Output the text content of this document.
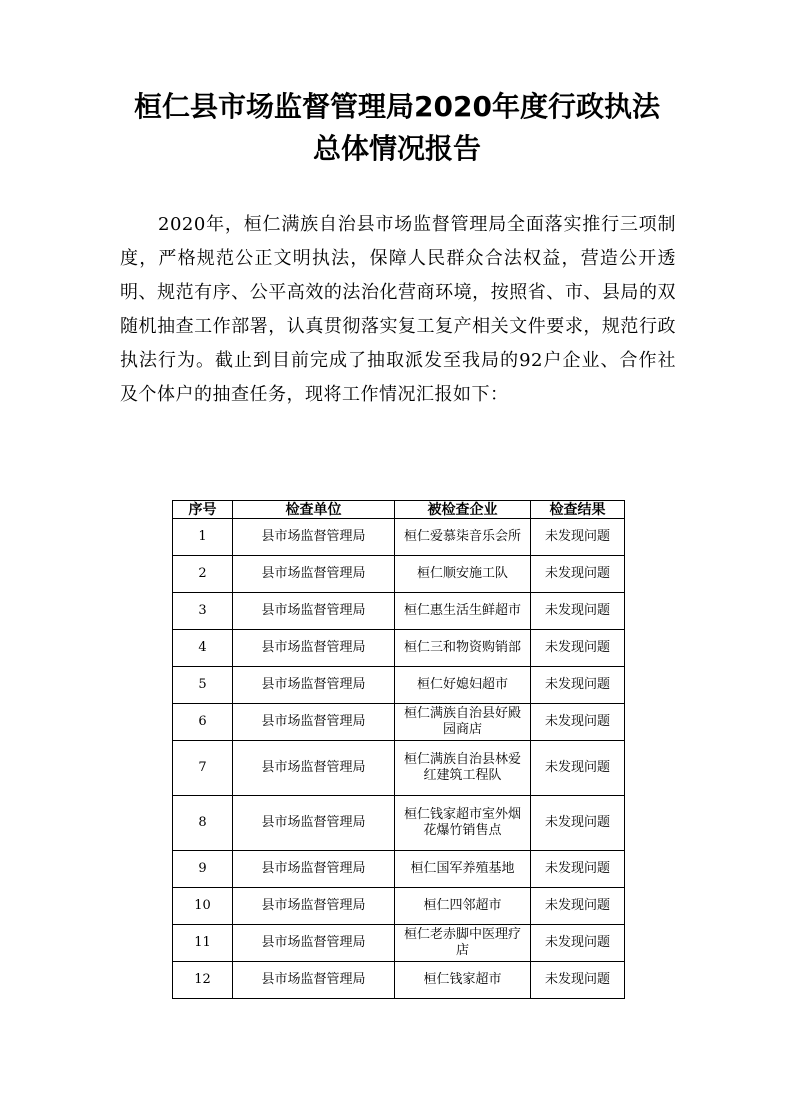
桓仁县市场监督管理局2020年度行政执法
总体情况报告

2020年，桓仁满族自治县市场监督管理局全面落实推行三项制度，严格规范公正文明执法，保障人民群众合法权益，营造公开透明、规范有序、公平高效的法治化营商环境，按照省、市、县局的双随机抽查工作部署，认真贯彻落实复工复产相关文件要求，规范行政执法行为。截止到目前完成了抽取派发至我局的92户企业、合作社及个体户的抽查任务，现将工作情况汇报如下：

序号	检查单位	被检查企业	检查结果
1	县市场监督管理局	桓仁爱慕柒音乐会所	未发现问题
2	县市场监督管理局	桓仁顺安施工队	未发现问题
3	县市场监督管理局	桓仁惠生活生鲜超市	未发现问题
4	县市场监督管理局	桓仁三和物资购销部	未发现问题
5	县市场监督管理局	桓仁好媳妇超市	未发现问题
6	县市场监督管理局	桓仁满族自治县好殿园商店	未发现问题
7	县市场监督管理局	桓仁满族自治县林爱红建筑工程队	未发现问题
8	县市场监督管理局	桓仁钱家超市室外烟花爆竹销售点	未发现问题
9	县市场监督管理局	桓仁国军养殖基地	未发现问题
10	县市场监督管理局	桓仁四邻超市	未发现问题
11	县市场监督管理局	桓仁老赤脚中医理疗店	未发现问题
12	县市场监督管理局	桓仁钱家超市	未发现问题
